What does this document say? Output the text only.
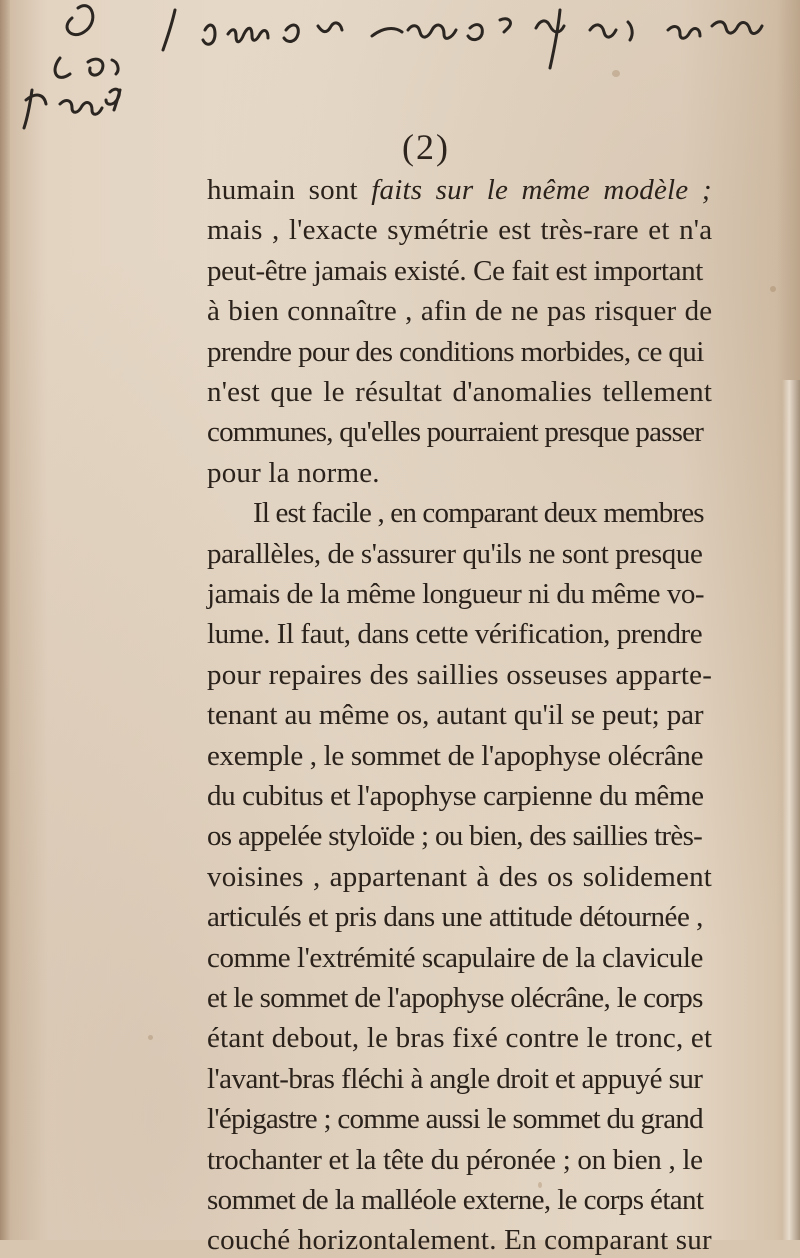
(2)
humain sont faits sur le même modèle ;
mais , l'exacte symétrie est très-rare et n'a
peut-être jamais existé. Ce fait est important
à bien connaître , afin de ne pas risquer de
prendre pour des conditions morbides, ce qui
n'est que le résultat d'anomalies tellement
communes, qu'elles pourraient presque passer
pour la norme.
Il est facile , en comparant deux membres
parallèles, de s'assurer qu'ils ne sont presque
jamais de la même longueur ni du même vo-
lume. Il faut, dans cette vérification, prendre
pour repaires des saillies osseuses apparte-
tenant au même os, autant qu'il se peut; par
exemple , le sommet de l'apophyse olécrâne
du cubitus et l'apophyse carpienne du même
os appelée styloïde ; ou bien, des saillies très-
voisines , appartenant à des os solidement
articulés et pris dans une attitude détournée ,
comme l'extrémité scapulaire de la clavicule
et le sommet de l'apophyse olécrâne, le corps
étant debout, le bras fixé contre le tronc, et
l'avant-bras fléchi à angle droit et appuyé sur
l'épigastre ; comme aussi le sommet du grand
trochanter et la tête du péronée ; on bien , le
sommet de la malléole externe, le corps étant
couché horizontalement. En comparant sur
